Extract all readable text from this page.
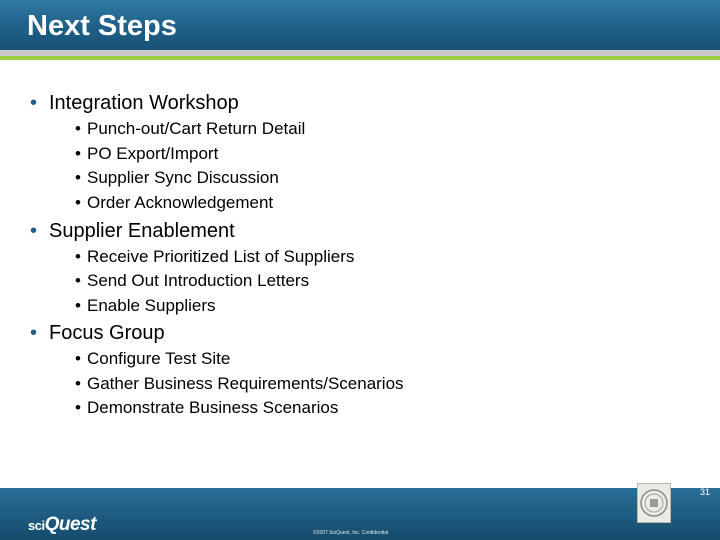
Next Steps
• Integration Workshop
• Punch-out/Cart Return Detail
• PO Export/Import
• Supplier Sync Discussion
• Order Acknowledgement
• Supplier Enablement
• Receive Prioritized List of Suppliers
• Send Out Introduction Letters
• Enable Suppliers
• Focus Group
• Configure Test Site
• Gather Business Requirements/Scenarios
• Demonstrate Business Scenarios
sciQuest	©2007 SciQuest, Inc. Confidential
31
